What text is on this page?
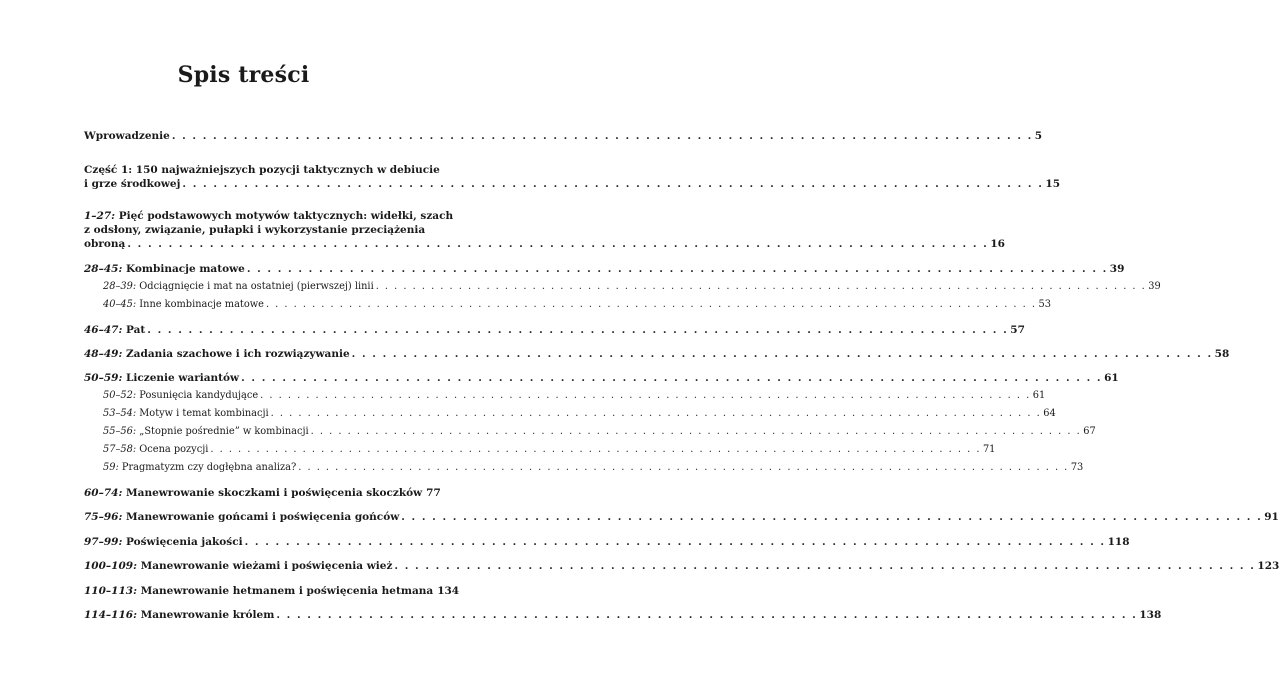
Spis treści
Wprowadzenie . . . . . . . . . . . . . . . . . . . . . . . . . . . . . . . . . . . . . . . . . . . . . . . . . . . . . . . . . . . . . . . . . . . . . . . . . . . . . . . . . . . . 5
Część 1: 150 najważniejszych pozycji taktycznych w debiucie
i grze środkowej . . . . . . . . . . . . . . . . . . . . . . . . . . . . . . . . . . . . . . . . . . . . . . . . . . . . . . . . . . . . . . . . . . . . . . . . . . . . . . . . . . . . 15
1–27:
Pięć podstawowych motywów taktycznych: widełki, szach
z odsłony, związanie, pułapki i wykorzystanie przeciążenia
obroną . . . . . . . . . . . . . . . . . . . . . . . . . . . . . . . . . . . . . . . . . . . . . . . . . . . . . . . . . . . . . . . . . . . . . . . . . . . . . . . . . . . . 16
28–45:
Kombinacje matowe . . . . . . . . . . . . . . . . . . . . . . . . . . . . . . . . . . . . . . . . . . . . . . . . . . . . . . . . . . . . . . . . . . . . . . . . . . . . . . . . . . . . 39
28–39:
Odciągnięcie i mat na ostatniej (pierwszej) linii . . . . . . . . . . . . . . . . . . . . . . . . . . . . . . . . . . . . . . . . . . . . . . . . . . . . . . . . . . . . . . . . . . . . . . . . . . . . . . . . . . . . 39
40–45:
Inne kombinacje matowe . . . . . . . . . . . . . . . . . . . . . . . . . . . . . . . . . . . . . . . . . . . . . . . . . . . . . . . . . . . . . . . . . . . . . . . . . . . . . . . . . . . . 53
46–47:
Pat . . . . . . . . . . . . . . . . . . . . . . . . . . . . . . . . . . . . . . . . . . . . . . . . . . . . . . . . . . . . . . . . . . . . . . . . . . . . . . . . . . . . 57
48–49:
Zadania szachowe i ich rozwiązywanie . . . . . . . . . . . . . . . . . . . . . . . . . . . . . . . . . . . . . . . . . . . . . . . . . . . . . . . . . . . . . . . . . . . . . . . . . . . . . . . . . . . . 58
50–59:
Liczenie wariantów . . . . . . . . . . . . . . . . . . . . . . . . . . . . . . . . . . . . . . . . . . . . . . . . . . . . . . . . . . . . . . . . . . . . . . . . . . . . . . . . . . . . 61
50–52:
Posunięcia kandydujące . . . . . . . . . . . . . . . . . . . . . . . . . . . . . . . . . . . . . . . . . . . . . . . . . . . . . . . . . . . . . . . . . . . . . . . . . . . . . . . . . . . . 61
53–54:
Motyw i temat kombinacji . . . . . . . . . . . . . . . . . . . . . . . . . . . . . . . . . . . . . . . . . . . . . . . . . . . . . . . . . . . . . . . . . . . . . . . . . . . . . . . . . . . . 64
55–56:
„Stopnie pośrednie” w kombinacji . . . . . . . . . . . . . . . . . . . . . . . . . . . . . . . . . . . . . . . . . . . . . . . . . . . . . . . . . . . . . . . . . . . . . . . . . . . . . . . . . . . . 67
57–58:
Ocena pozycji . . . . . . . . . . . . . . . . . . . . . . . . . . . . . . . . . . . . . . . . . . . . . . . . . . . . . . . . . . . . . . . . . . . . . . . . . . . . . . . . . . . . 71
59:
Pragmatyzm czy dogłębna analiza? . . . . . . . . . . . . . . . . . . . . . . . . . . . . . . . . . . . . . . . . . . . . . . . . . . . . . . . . . . . . . . . . . . . . . . . . . . . . . . . . . . . . 73
60–74:
Manewrowanie skoczkami i poświęcenia skoczków 77
75–96:
Manewrowanie gońcami i poświęcenia gońców . . . . . . . . . . . . . . . . . . . . . . . . . . . . . . . . . . . . . . . . . . . . . . . . . . . . . . . . . . . . . . . . . . . . . . . . . . . . . . . . . . . . 91
97–99:
Poświęcenia jakości . . . . . . . . . . . . . . . . . . . . . . . . . . . . . . . . . . . . . . . . . . . . . . . . . . . . . . . . . . . . . . . . . . . . . . . . . . . . . . . . . . . . 118
100–109:
Manewrowanie wieżami i poświęcenia wież . . . . . . . . . . . . . . . . . . . . . . . . . . . . . . . . . . . . . . . . . . . . . . . . . . . . . . . . . . . . . . . . . . . . . . . . . . . . . . . . . . . . 123
110–113:
Manewrowanie hetmanem i poświęcenia hetmana 134
114–116:
Manewrowanie królem . . . . . . . . . . . . . . . . . . . . . . . . . . . . . . . . . . . . . . . . . . . . . . . . . . . . . . . . . . . . . . . . . . . . . . . . . . . . . . . . . . . . 138
